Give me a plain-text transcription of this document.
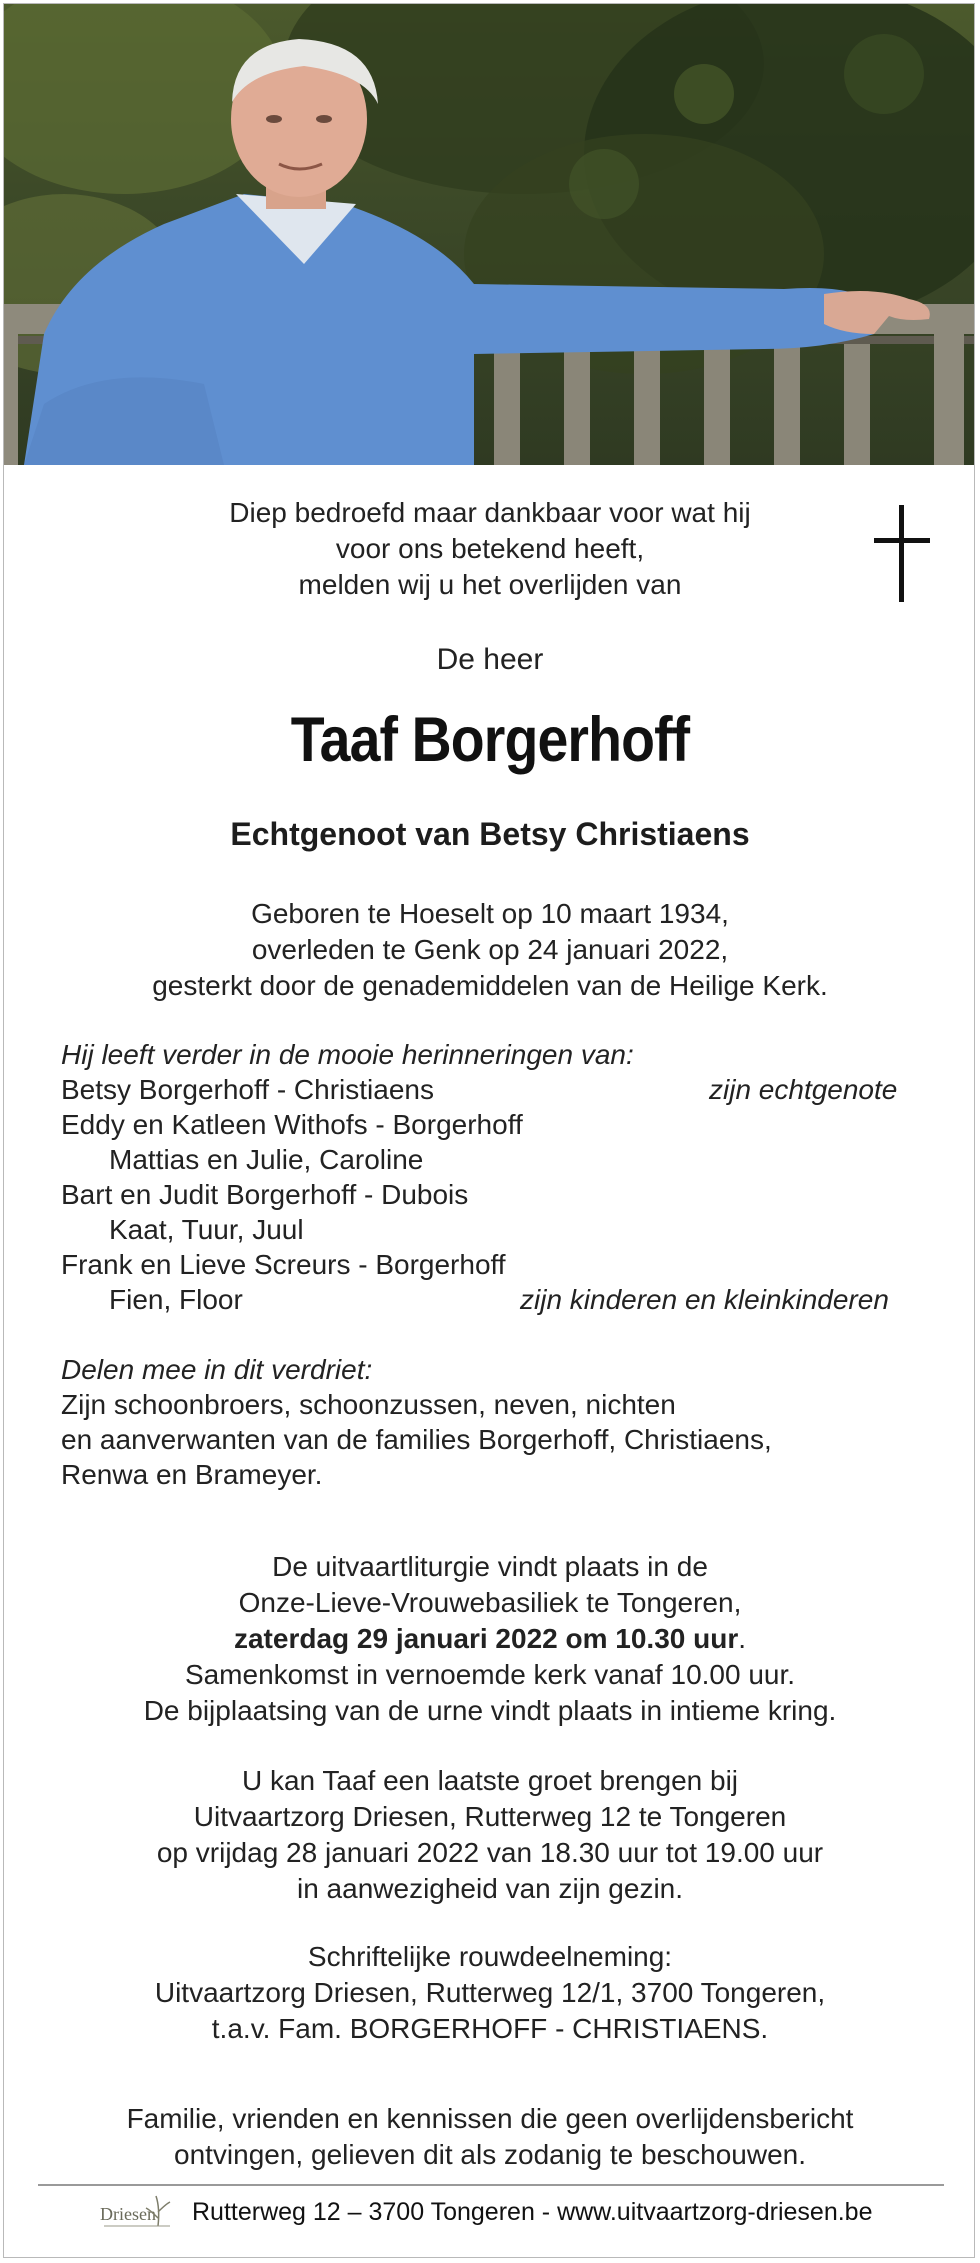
Diep bedroefd maar dankbaar voor wat hij
voor ons betekend heeft,
melden wij u het overlijden van
De heer
Taaf Borgerhoff
Echtgenoot van Betsy Christiaens
Geboren te Hoeselt op 10 maart 1934,
overleden te Genk op 24 januari 2022,
gesterkt door de genademiddelen van de Heilige Kerk.
Hij leeft verder in de mooie herinneringen van:
Betsy Borgerhoff - Christiaens	zijn echtgenote
Eddy en Katleen Withofs - Borgerhoff
Mattias en Julie, Caroline
Bart en Judit Borgerhoff - Dubois
Kaat, Tuur, Juul
Frank en Lieve Screurs - Borgerhoff
Fien, Floor	zijn kinderen en kleinkinderen
Delen mee in dit verdriet:
Zijn schoonbroers, schoonzussen, neven, nichten
en aanverwanten van de families Borgerhoff, Christiaens,
Renwa en Brameyer.
De uitvaartliturgie vindt plaats in de
Onze-Lieve-Vrouwebasiliek te Tongeren,
zaterdag 29 januari 2022 om 10.30 uur.
Samenkomst in vernoemde kerk vanaf 10.00 uur.
De bijplaatsing van de urne vindt plaats in intieme kring.
U kan Taaf een laatste groet brengen bij
Uitvaartzorg Driesen, Rutterweg 12 te Tongeren
op vrijdag 28 januari 2022 van 18.30 uur tot 19.00 uur
in aanwezigheid van zijn gezin.
Schriftelijke rouwdeelneming:
Uitvaartzorg Driesen, Rutterweg 12/1, 3700 Tongeren,
t.a.v. Fam. BORGERHOFF - CHRISTIAENS.
Familie, vrienden en kennissen die geen overlijdensbericht
ontvingen, gelieven dit als zodanig te beschouwen.
Driesen Rutterweg 12 – 3700 Tongeren - www.uitvaartzorg-driesen.be
